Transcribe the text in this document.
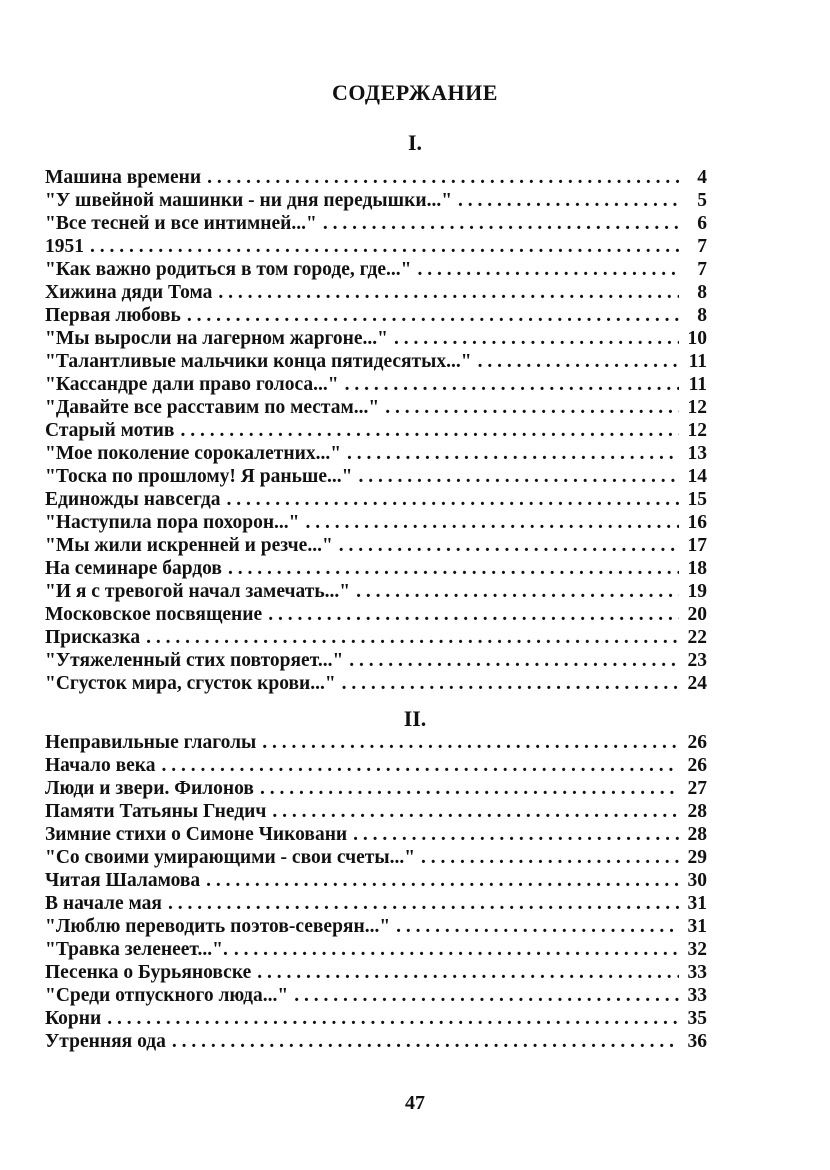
СОДЕРЖАНИЕ
I.
Машина времени . . .	4
"У швейной машинки - ни дня передышки..." . . .	5
"Все тесней и все интимней..." . . .	6
1951 . . .	7
"Как важно родиться в том городе, где..." . . .	7
Хижина дяди Тома . . .	8
Первая любовь . . .	8
"Мы выросли на лагерном жаргоне..." . . .	10
"Талантливые мальчики конца пятидесятых..." . . .	11
"Кассандре дали право голоса..." . . .	11
"Давайте все расставим по местам..." . . .	12
Старый мотив . . .	12
"Мое поколение сорокалетних..." . . .	13
"Тоска по прошлому! Я раньше..." . . .	14
Единожды навсегда . . .	15
"Наступила пора похорон..." . . .	16
"Мы жили искренней и резче..." . . .	17
На семинаре бардов . . .	18
"И я с тревогой начал замечать..." . . .	19
Московское посвящение . . .	20
Присказка . . .	22
"Утяжеленный стих повторяет..." . . .	23
"Сгусток мира, сгусток крови..." . . .	24
II.
Неправильные глаголы . . .	26
Начало века . . .	26
Люди и звери. Филонов . . .	27
Памяти Татьяны Гнедич . . .	28
Зимние стихи о Симоне Чиковани . . .	28
"Со своими умирающими - свои счеты..." . . .	29
Читая Шаламова . . .	30
В начале мая . . .	31
"Люблю переводить поэтов-северян..." . . .	31
"Травка зеленеет...". . . .	32
Песенка о Бурьяновске . . .	33
"Среди отпускного люда..." . . .	33
Корни . . .	35
Утренняя ода . . .	36
47
